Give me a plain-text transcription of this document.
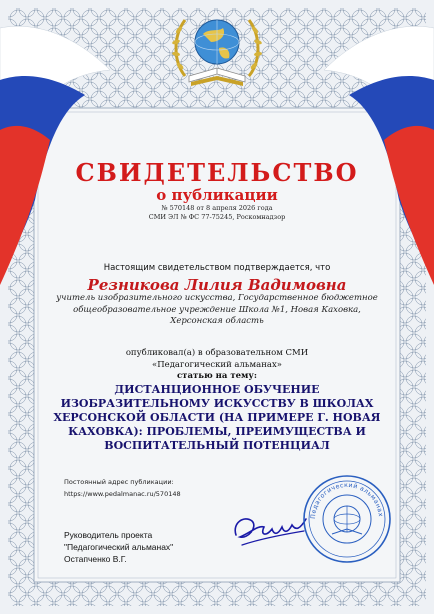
СВИДЕТЕЛЬСТВО
о публикации
№ 570148 от 8 апреля 2026 года
СМИ ЭЛ № ФС 77-75245, Роскомнадзор
Настоящим свидетельством подтверждается, что
Резникова Лилия Вадимовна
учитель изобразительного искусства, Государственное бюджетное
общеобразовательное учреждение Школа №1, Новая Каховка,
Херсонская область
опубликовал(а) в образовательном СМИ
«Педагогический альманах»
статью на тему:
ДИСТАНЦИОННОЕ ОБУЧЕНИЕ
ИЗОБРАЗИТЕЛЬНОМУ ИСКУССТВУ В ШКОЛАХ
ХЕРСОНСКОЙ ОБЛАСТИ (НА ПРИМЕРЕ Г. НОВАЯ
КАХОВКА): ПРОБЛЕМЫ, ПРЕИМУЩЕСТВА И
ВОСПИТАТЕЛЬНЫЙ ПОТЕНЦИАЛ
Постоянный адрес публикации:
https://www.pedalmanac.ru/570148
Руководитель проекта
"Педагогический альманах"
Остапченко В.Г.
Педагогический альманах
